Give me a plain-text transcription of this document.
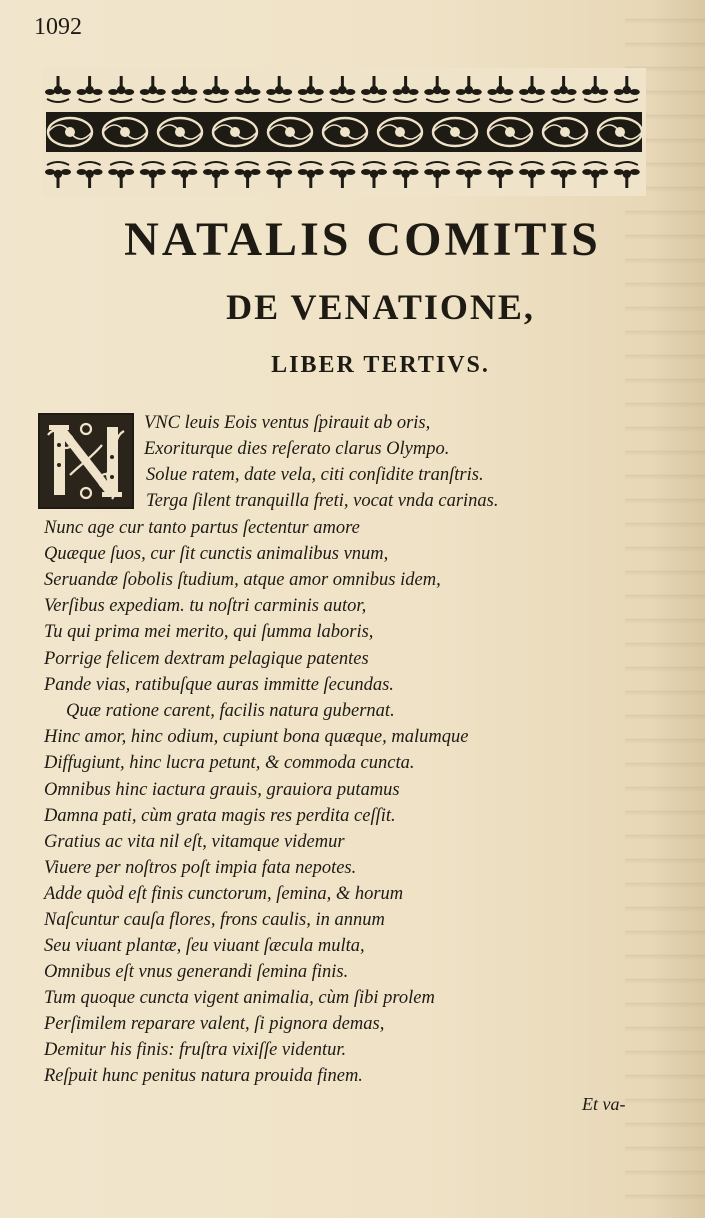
1092
NATALIS COMITIS
DE VENATIONE,
LIBER TERTIVS.
VNC leuis Eois ventus ſpirauit ab oris,
Exoriturque dies reſerato clarus Olympo.
Solue ratem, date vela, citi conſidite tranſtris.
Terga ſilent tranquilla freti, vocat vnda carinas.
Nunc age cur tanto partus ſectentur amore
Quæque ſuos, cur ſit cunctis animalibus vnum,
Seruandæ ſobolis ſtudium, atque amor omnibus idem,
Verſibus expediam. tu noſtri carminis autor,
Tu qui prima mei merito, qui ſumma laboris,
Porrige felicem dextram pelagique patentes
Pande vias, ratibuſque auras immitte ſecundas.
Quæ ratione carent, facilis natura gubernat.
Hinc amor, hinc odium, cupiunt bona quæque, malumque
Diffugiunt, hinc lucra petunt, & commoda cuncta.
Omnibus hinc iactura grauis, grauiora putamus
Damna pati, cùm grata magis res perdita ceſſit.
Gratius ac vita nil eſt, vitamque videmur
Viuere per noſtros poſt impia fata nepotes.
Adde quòd eſt finis cunctorum, ſemina, & horum
Naſcuntur cauſa flores, frons caulis, in annum
Seu viuant plantæ, ſeu viuant ſæcula multa,
Omnibus eſt vnus generandi ſemina finis.
Tum quoque cuncta vigent animalia, cùm ſibi prolem
Perſimilem reparare valent, ſi pignora demas,
Demitur his finis: fruſtra vixiſſe videntur.
Reſpuit hunc penitus natura prouida finem.
Et va-
